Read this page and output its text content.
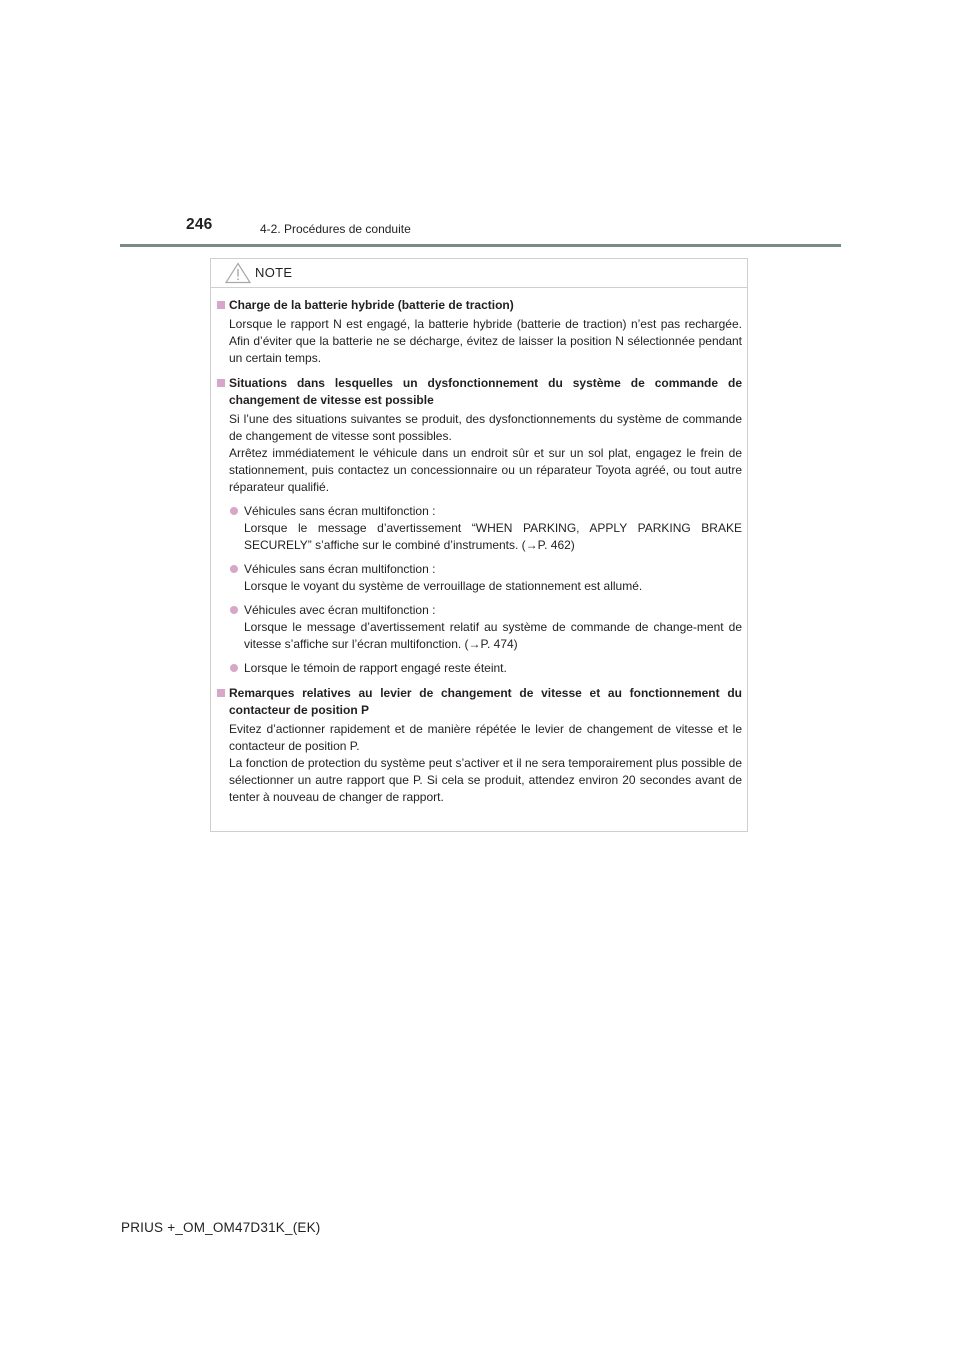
246	4-2. Procédures de conduite
NOTE
Charge de la batterie hybride (batterie de traction)
Lorsque le rapport N est engagé, la batterie hybride (batterie de traction) n’est pas rechargée. Afin d’éviter que la batterie ne se décharge, évitez de laisser la position N sélectionnée pendant un certain temps.
Situations dans lesquelles un dysfonctionnement du système de commande de changement de vitesse est possible
Si l’une des situations suivantes se produit, des dysfonctionnements du système de commande de changement de vitesse sont possibles.
Arrêtez immédiatement le véhicule dans un endroit sûr et sur un sol plat, engagez le frein de stationnement, puis contactez un concessionnaire ou un réparateur Toyota agréé, ou tout autre réparateur qualifié.
Véhicules sans écran multifonction :
Lorsque le message d’avertissement “WHEN PARKING, APPLY PARKING BRAKE SECURELY” s’affiche sur le combiné d’instruments. (→P. 462)
Véhicules sans écran multifonction :
Lorsque le voyant du système de verrouillage de stationnement est allumé.
Véhicules avec écran multifonction :
Lorsque le message d’avertissement relatif au système de commande de change-ment de vitesse s’affiche sur l’écran multifonction. (→P. 474)
Lorsque le témoin de rapport engagé reste éteint.
Remarques relatives au levier de changement de vitesse et au fonctionnement du contacteur de position P
Evitez d’actionner rapidement et de manière répétée le levier de changement de vitesse et le contacteur de position P.
La fonction de protection du système peut s’activer et il ne sera temporairement plus possible de sélectionner un autre rapport que P. Si cela se produit, attendez environ 20 secondes avant de tenter à nouveau de changer de rapport.
PRIUS +_OM_OM47D31K_(EK)
